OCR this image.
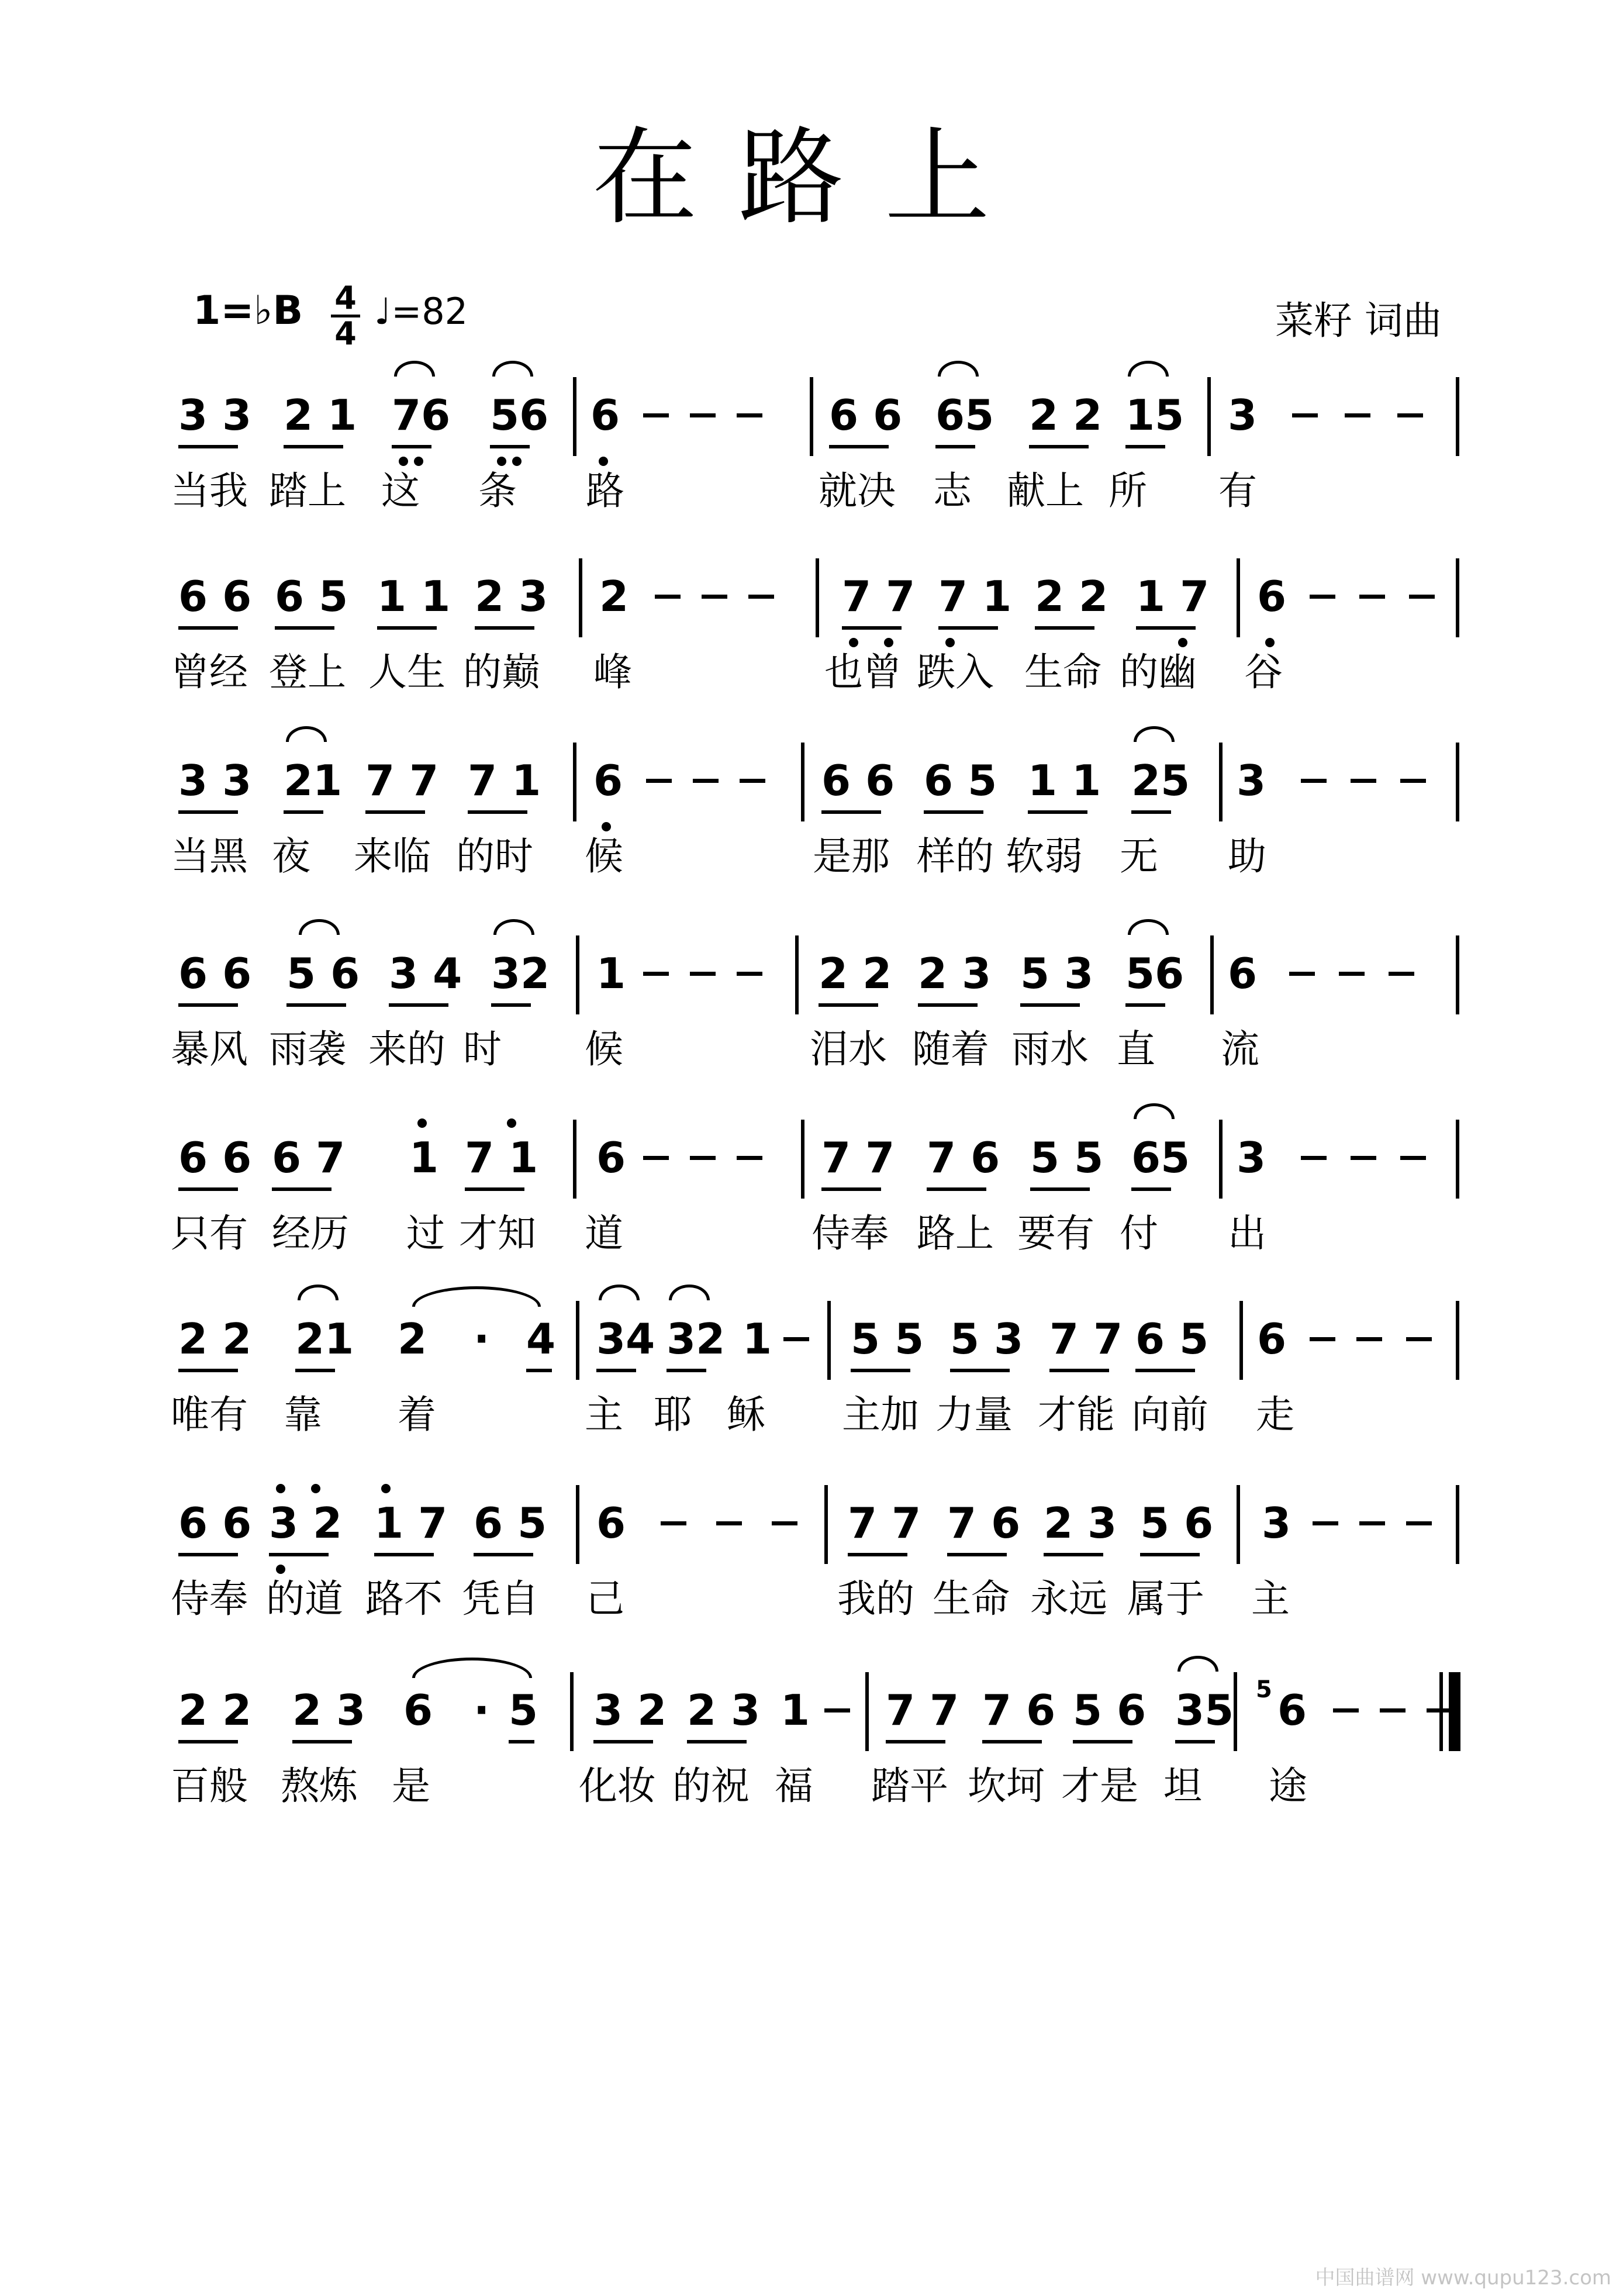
在路上
1=♭B $\frac{4}{4}$ ♩=82	菜籽 词曲
3 3 2 1 76 56 6	6 6 65 2 2 15 3
当我 踏上 这 条 路	就决 志 献上 所 有
6 6 6 5 1 1 2 3 2	7 7 7 1 2 2 1 7 6
曾经 登上 人生 的巅 峰	也曾 跌入 生命 的幽 谷
3 3 21 7 7 7 1 6	6 6 6 5 1 1 25 3
当黑 夜 来临 的时 候	是那 样的 软弱 无 助
6 6 5 6 3 4 32 1	2 2 2 3 5 3 56 6
暴风 雨袭 来的 时 候	泪水 随着 雨水 直 流
6 6 6 7 1 7 1 6	7 7 7 6 5 5 65 3
只有 经历 过 才知 道	侍奉 路上 要有 付 出
2 2 21 2 · 4 34 32 1 5 5 5 3 7 7 6 5 6
唯有 靠 着	主 耶 稣 主加 力量 才能 向前 走
6 6 3 2 1 7 6 5 6	7 7 7 6 2 3 5 6 3
侍奉 的道 路不 凭自 己	我的 生命 永远 属于 主
2 2 2 3 6 · 5 3 2 2 3 1 7 7 7 6 5 6 35 5 6
百般 熬炼 是	化妆 的祝 福 踏平 坎坷 才是 坦 途
中国曲谱网 www.qupu123.com
